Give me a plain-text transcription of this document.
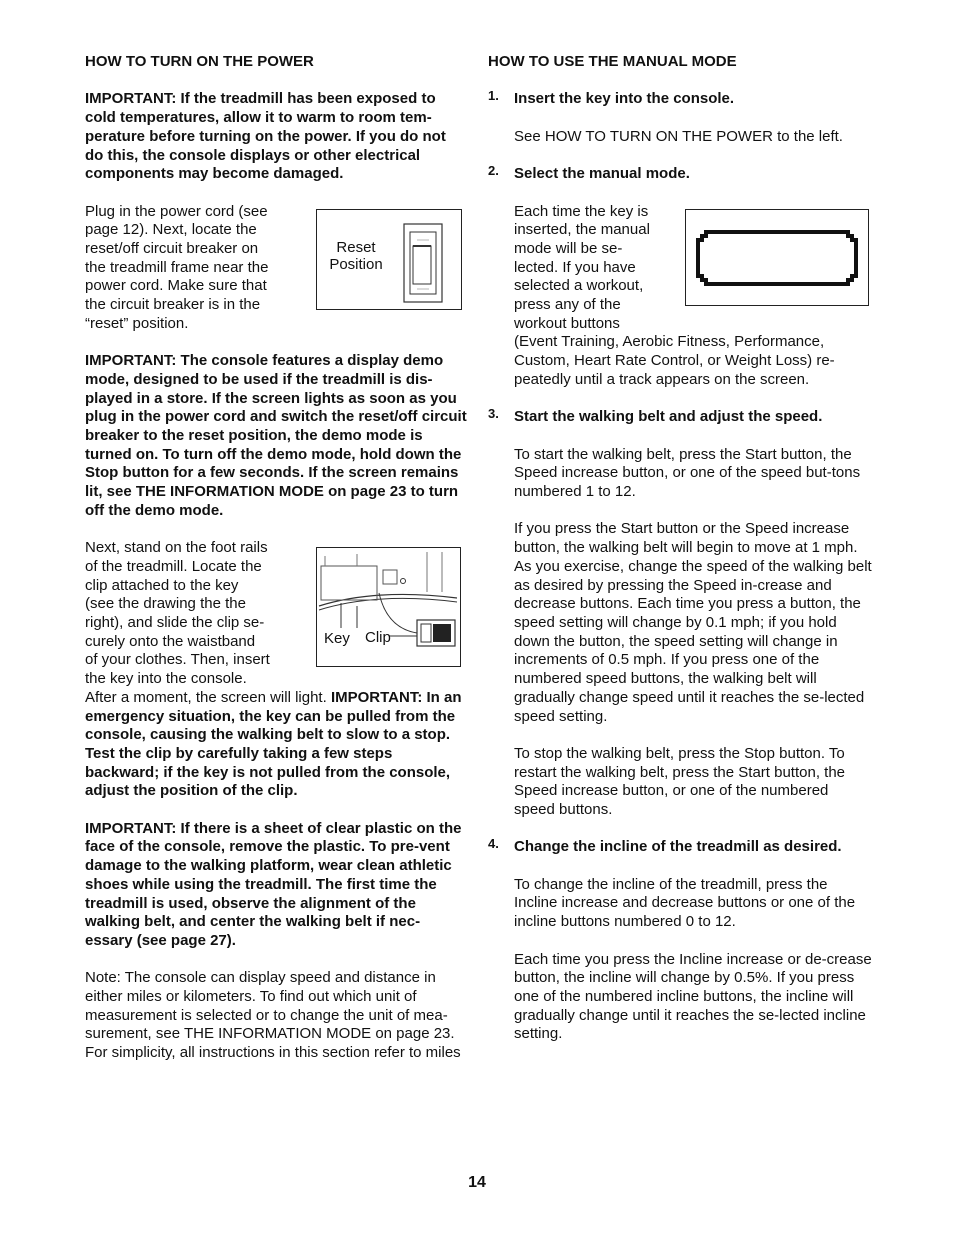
HOW TO TURN ON THE POWER

IMPORTANT: If the treadmill has been exposed to cold temperatures, allow it to warm to room tem-perature before turning on the power. If you do not do this, the console displays or other electrical components may become damaged.

Plug in the power cord (see
page 12). Next, locate the
reset/off circuit breaker on
the treadmill frame near the
power cord. Make sure that
the circuit breaker is in the
“reset” position.

IMPORTANT: The console features a display demo mode, designed to be used if the treadmill is dis-played in a store. If the screen lights as soon as you plug in the power cord and switch the reset/off circuit breaker to the reset position, the demo mode is turned on. To turn off the demo mode, hold down the Stop button for a few seconds. If the screen remains lit, see THE INFORMATION MODE on page 23 to turn off the demo mode.

Next, stand on the foot rails
of the treadmill. Locate the
clip attached to the key
(see the drawing the the
right), and slide the clip se-
curely onto the waistband
of your clothes. Then, insert
the key into the console.

After a moment, the screen will light. IMPORTANT: In an emergency situation, the key can be pulled from the console, causing the walking belt to slow to a stop. Test the clip by carefully taking a few steps backward; if the key is not pulled from the console, adjust the position of the clip.

IMPORTANT: If there is a sheet of clear plastic on the face of the console, remove the plastic. To pre-vent damage to the walking platform, wear clean athletic shoes while using the treadmill. The first time the treadmill is used, observe the alignment of the walking belt, and center the walking belt if nec-essary (see page 27).

Note: The console can display speed and distance in either miles or kilometers. To find out which unit of measurement is selected or to change the unit of mea-surement, see THE INFORMATION MODE on page 23. For simplicity, all instructions in this section refer to miles

Reset
Position
Key Clip
HOW TO USE THE MANUAL MODE
1. Insert the key into the console.

See HOW TO TURN ON THE POWER to the left.

2. Select the manual mode.
Each time the key is
inserted, the manual
mode will be se-
lected. If you have
selected a workout,
press any of the
workout buttons

(Event Training, Aerobic Fitness, Performance, Custom, Heart Rate Control, or Weight Loss) re-peatedly until a track appears on the screen.

3. Start the walking belt and adjust the speed.

To start the walking belt, press the Start button, the Speed increase button, or one of the speed but-tons numbered 1 to 12.

If you press the Start button or the Speed increase button, the walking belt will begin to move at 1 mph. As you exercise, change the speed of the walking belt as desired by pressing the Speed in-crease and decrease buttons. Each time you press a button, the speed setting will change by 0.1 mph; if you hold down the button, the speed setting will change in increments of 0.5 mph. If you press one of the numbered speed buttons, the walking belt will gradually change speed until it reaches the se-lected speed setting.

To stop the walking belt, press the Stop button. To restart the walking belt, press the Start button, the Speed increase button, or one of the numbered speed buttons.

4. Change the incline of the treadmill as desired.

To change the incline of the treadmill, press the Incline increase and decrease buttons or one of the incline buttons numbered 0 to 12.

Each time you press the Incline increase or de-crease button, the incline will change by 0.5%. If you press one of the numbered incline buttons, the incline will gradually change until it reaches the se-lected incline setting.

14
